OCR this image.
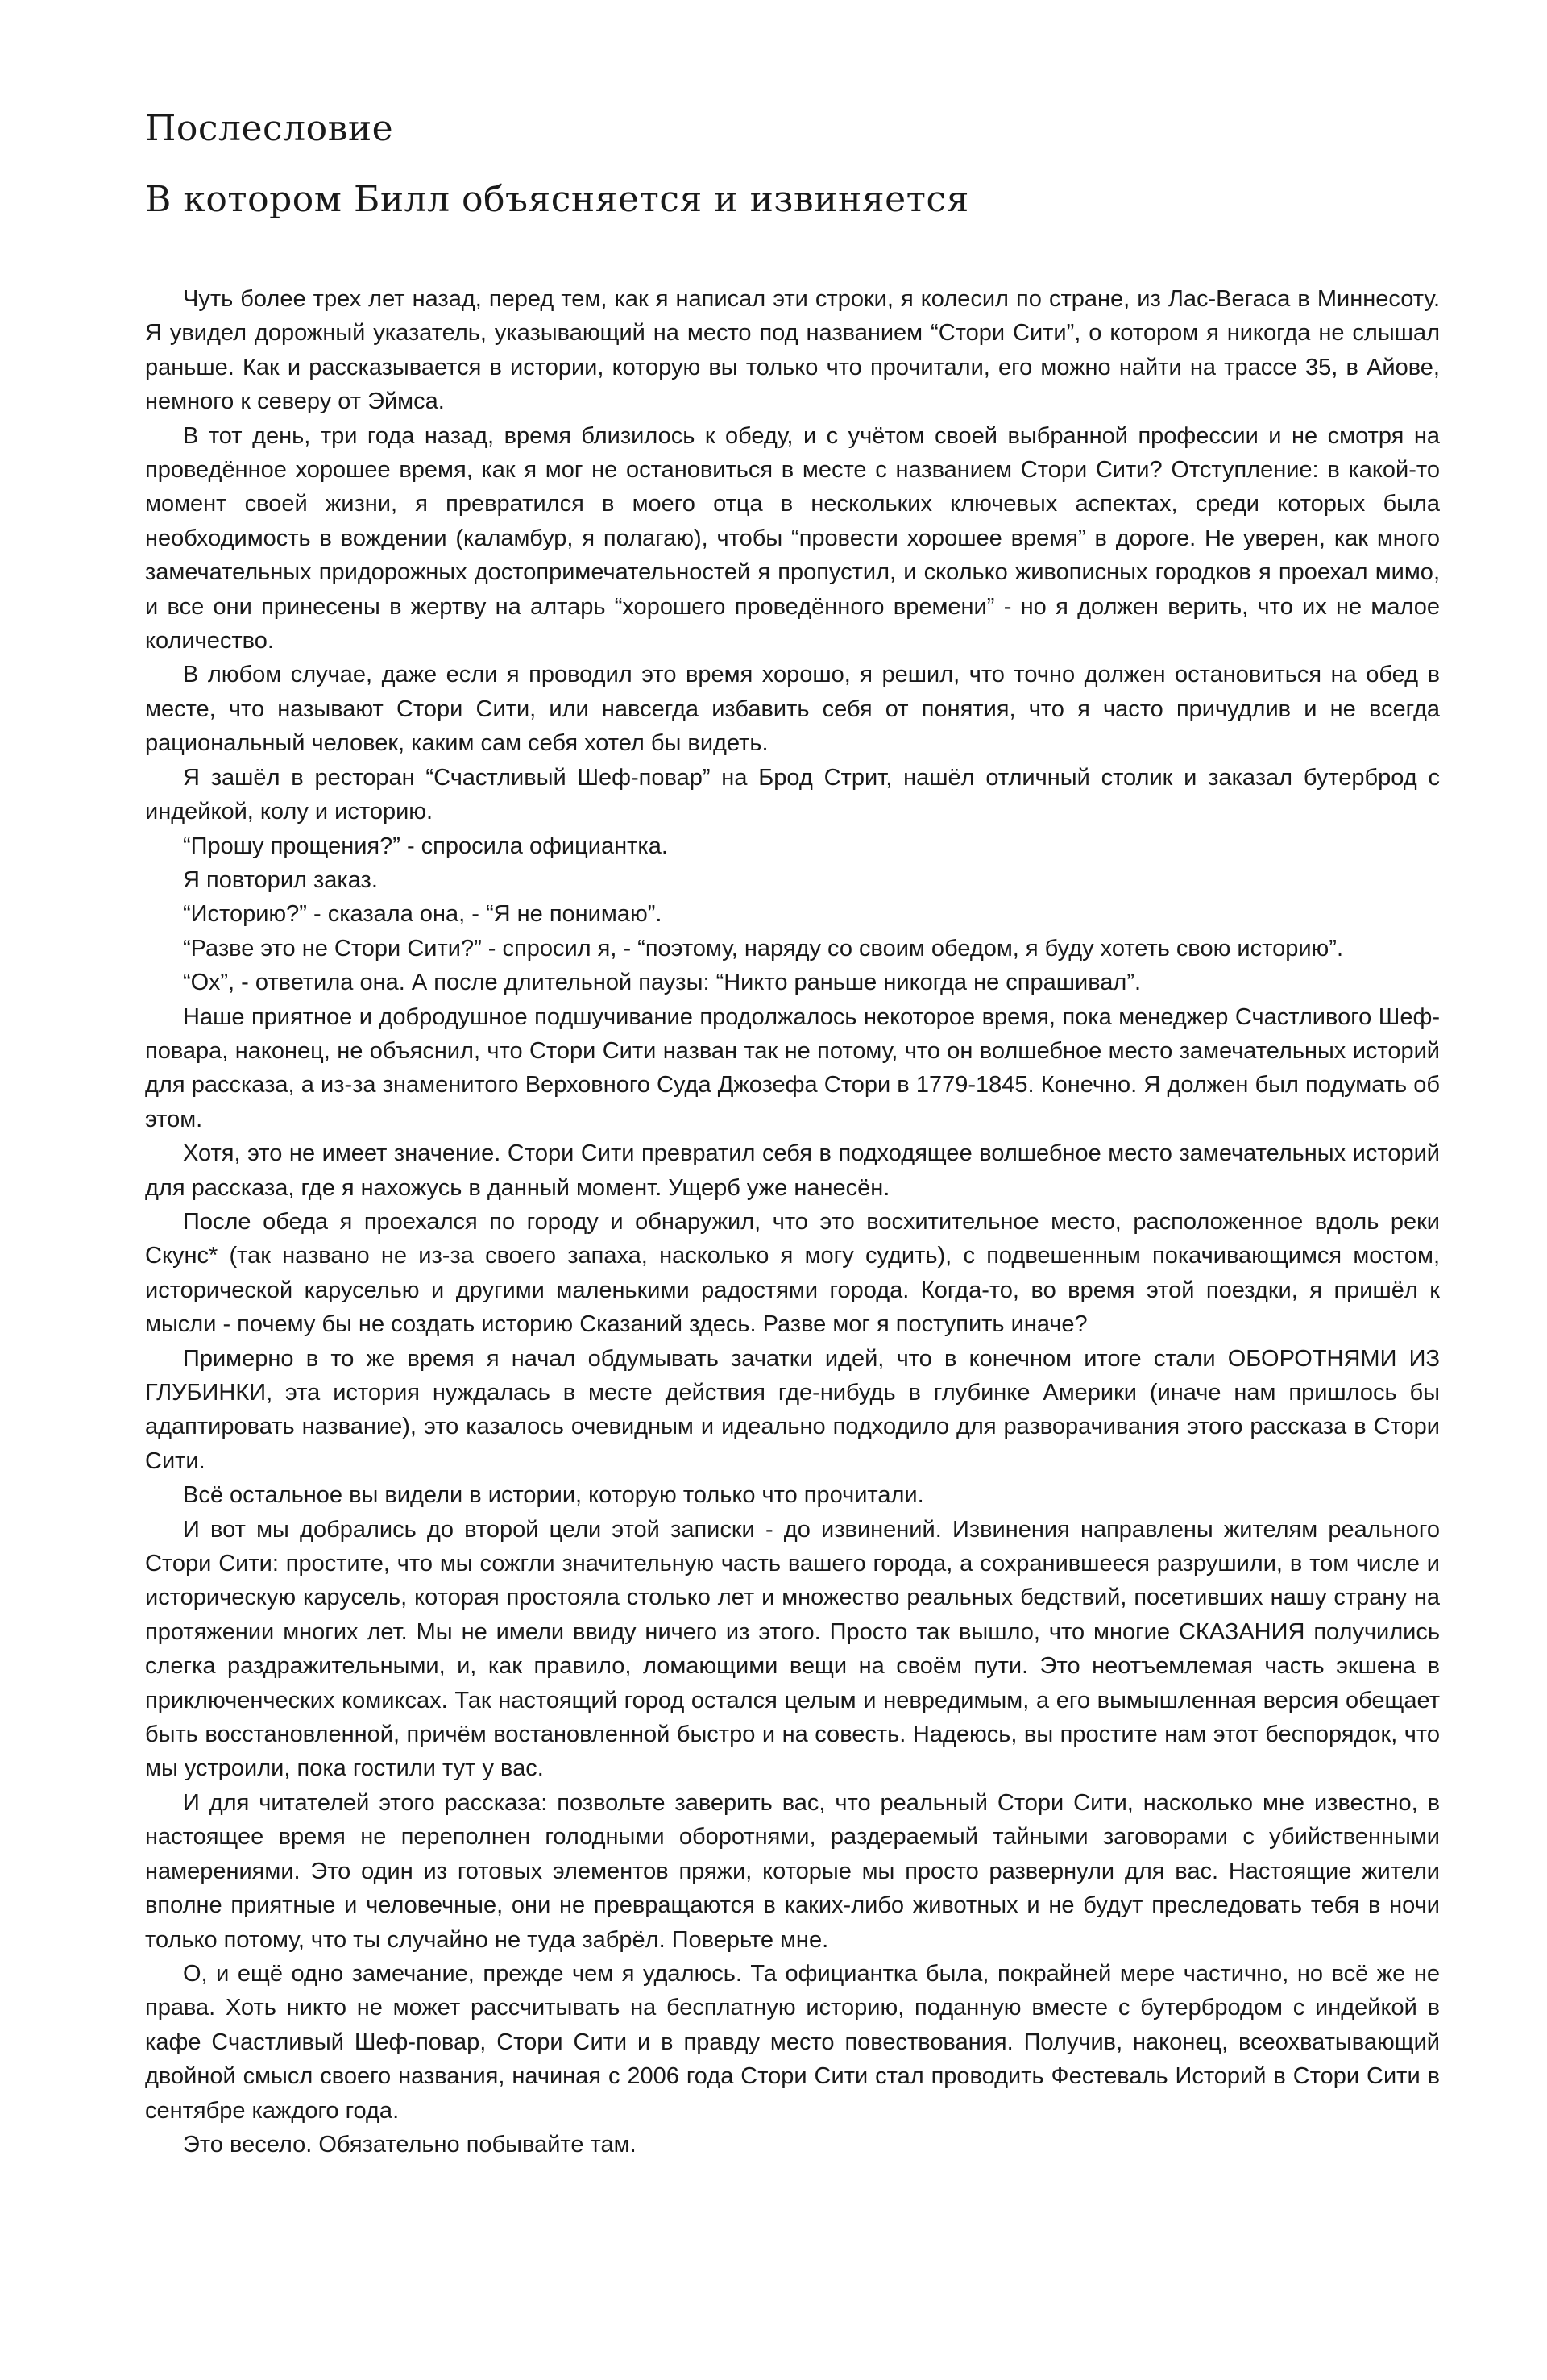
Послесловие
В котором Билл объясняется и извиняется

Чуть более трех лет назад, перед тем, как я написал эти строки, я колесил по стране, из Лас-Вегаса в Миннесоту. Я увидел дорожный указатель, указывающий на место под названием “Стори Сити”, о котором я никогда не слышал раньше. Как и рассказывается в истории, которую вы только что прочитали, его можно найти на трассе 35, в Айове, немного к северу от Эймса.

В тот день, три года назад, время близилось к обеду, и с учётом своей выбранной профессии и не смотря на проведённое хорошее время, как я мог не остановиться в месте с названием Стори Сити? Отступление: в какой-то момент своей жизни, я превратился в моего отца в нескольких ключевых аспектах, среди которых была необходимость в вождении (каламбур, я полагаю), чтобы “провести хорошее время” в дороге. Не уверен, как много замечательных придорожных достопримечательностей я пропустил, и сколько живописных городков я проехал мимо, и все они принесены в жертву на алтарь “хорошего проведённого времени” - но я должен верить, что их не малое количество.

В любом случае, даже если я проводил это время хорошо, я решил, что точно должен остановиться на обед в месте, что называют Стори Сити, или навсегда избавить себя от понятия, что я часто причудлив и не всегда рациональный человек, каким сам себя хотел бы видеть.

Я зашёл в ресторан “Счастливый Шеф-повар” на Брод Стрит, нашёл отличный столик и заказал бутерброд с индейкой, колу и историю.

“Прошу прощения?” - спросила официантка.

Я повторил заказ.

“Историю?” - сказала она, - “Я не понимаю”.

“Разве это не Стори Сити?” - спросил я, - “поэтому, наряду со своим обедом, я буду хотеть свою историю”.

“Ох”, - ответила она. А после длительной паузы: “Никто раньше никогда не спрашивал”.

Наше приятное и добродушное подшучивание продолжалось некоторое время, пока менеджер Счастливого Шеф-повара, наконец, не объяснил, что Стори Сити назван так не потому, что он волшебное место замечательных историй для рассказа, а из-за знаменитого Верховного Суда Джозефа Стори в 1779-1845. Конечно. Я должен был подумать об этом.

Хотя, это не имеет значение. Стори Сити превратил себя в подходящее волшебное место замечательных историй для рассказа, где я нахожусь в данный момент. Ущерб уже нанесён.

После обеда я проехался по городу и обнаружил, что это восхитительное место, расположенное вдоль реки Скунс* (так названо не из-за своего запаха, насколько я могу судить), с подвешенным покачивающимся мостом, исторической каруселью и другими маленькими радостями города. Когда-то, во время этой поездки, я пришёл к мысли - почему бы не создать историю Сказаний здесь. Разве мог я поступить иначе?

Примерно в то же время я начал обдумывать зачатки идей, что в конечном итоге стали ОБОРОТНЯМИ ИЗ ГЛУБИНКИ, эта история нуждалась в месте действия где-нибудь в глубинке Америки (иначе нам пришлось бы адаптировать название), это казалось очевидным и идеально подходило для разворачивания этого рассказа в Стори Сити.

Всё остальное вы видели в истории, которую только что прочитали.

И вот мы добрались до второй цели этой записки - до извинений. Извинения направлены жителям реального Стори Сити: простите, что мы сожгли значительную часть вашего города, а сохранившееся разрушили, в том числе и историческую карусель, которая простояла столько лет и множество реальных бедствий, посетивших нашу страну на протяжении многих лет. Мы не имели ввиду ничего из этого. Просто так вышло, что многие СКАЗАНИЯ получились слегка раздражительными, и, как правило, ломающими вещи на своём пути. Это неотъемлемая часть экшена в приключенческих комиксах. Так настоящий город остался целым и невредимым, а его вымышленная версия обещает быть восстановленной, причём востановленной быстро и на совесть. Надеюсь, вы простите нам этот беспорядок, что мы устроили, пока гостили тут у вас.

И для читателей этого рассказа: позвольте заверить вас, что реальный Стори Сити, насколько мне известно, в настоящее время не переполнен голодными оборотнями, раздераемый тайными заговорами с убийственными намерениями. Это один из готовых элементов пряжи, которые мы просто развернули для вас. Настоящие жители вполне приятные и человечные, они не превращаются в каких-либо животных и не будут преследовать тебя в ночи только потому, что ты случайно не туда забрёл. Поверьте мне.

О, и ещё одно замечание, прежде чем я удалюсь. Та официантка была, покрайней мере частично, но всё же не права. Хоть никто не может рассчитывать на бесплатную историю, поданную вместе с бутербродом с индейкой в кафе Счастливый Шеф-повар, Стори Сити и в правду место повествования. Получив, наконец, всеохватывающий двойной смысл своего названия, начиная с 2006 года Стори Сити стал проводить Фестеваль Историй в Стори Сити в сентябре каждого года.

Это весело. Обязательно побывайте там.
